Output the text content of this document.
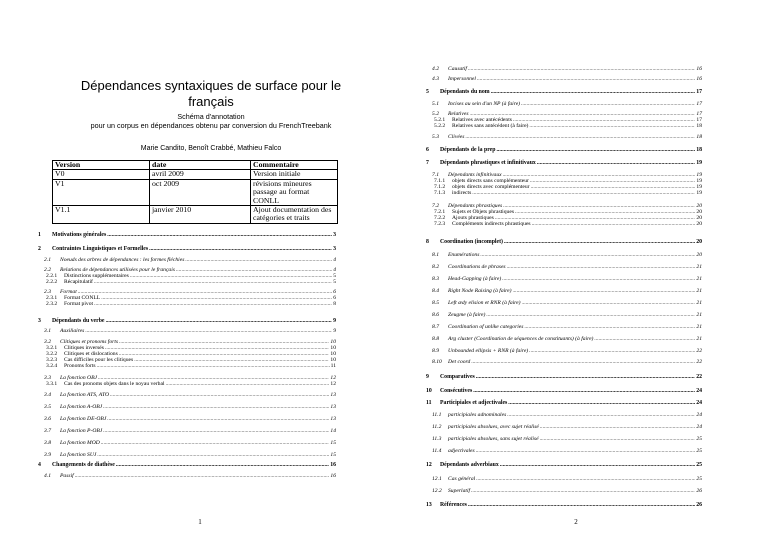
Dépendances syntaxiques de surface pour le français
Schéma d'annotation
pour un corpus en dépendances obtenu par conversion du FrenchTreebank
Marie Candito, Benoît Crabbé, Mathieu Falco
Version	date	Commentaire
V0	avril 2009	Version initiale
V1	oct 2009	révisions mineures
passage au format CONLL
V1.1	janvier 2010	Ajout documentation des catégories et traits
1	Motivations générales .....	3
2	Contraintes Linguistiques et Formelles .....	3
2.1	Noeuds des arbres de dépendances : les formes fléchies .....	4
2.2	Relations de dépendances utilisées pour le français .....	4
2.2.1	Distinctions supplémentaires .....	5
2.2.2	Récapitulatif .....	5
2.3	Format .....	6
2.3.1	Format CONLL .....	6
2.3.2	Format pivot .....	8
3	Dépendants du verbe .....	9
3.1	Auxiliaires .....	9
3.2	Clitiques et pronoms forts .....	10
3.2.1	Clitiques inversés .....	10
3.2.2	Clitiques et dislocations .....	10
3.2.3	Cas difficiles pour les clitiques .....	10
3.2.4	Pronoms forts .....	11
3.3	La fonction OBJ .....	12
3.3.1	Cas des pronoms objets dans le noyau verbal .....	12
3.4	La fonction ATS, ATO .....	13
3.5	La fonction A-OBJ .....	13
3.6	La fonction DE-OBJ .....	13
3.7	La fonction P-OBJ .....	14
3.8	La fonction MOD .....	15
3.9	La fonction SUJ .....	15
4	Changements de diathèse .....	16
4.1	Passif .....	16
1
4.2	Causatif .....	16
4.3	Impersonnel .....	16
5	Dépendants du nom .....	17
5.1	Incises au sein d'un NP (à faire) .....	17
5.2	Relatives .....	17
5.2.1	Relatives avec antécédents .....	17
5.2.2	Relatives sans antécédent (à faire) .....	18
5.3	Clivées .....	18
6	Dépendants de la prep .....	18
7	Dépendants phrastiques et infinitivaux .....	19
7.1	Dépendants infinitivaux .....	19
7.1.1	objets directs sans complémenteur .....	19
7.1.2	objets directs avec complémenteur .....	19
7.1.3	indirects .....	19
7.2	Dépendants phrastiques .....	20
7.2.1	Sujets et Objets phrastiques .....	20
7.2.2	Ajouts phrastiques .....	20
7.2.3	Compléments indirects phrastiques .....	20
8	Coordination (incomplet) .....	20
8.1	Enumérations .....	20
8.2	Coordinations de phrases .....	21
8.3	Head-Gapping (à faire) .....	21
8.4	Right Node Raising (à faire) .....	21
8.5	Left ædy elision et RNR (à faire) .....	21
8.6	Zeugme (à faire) .....	21
8.7	Coordination of unlike categories .....	21
8.8	Arg cluster (Coordination de séquences de constituants) (à faire) .....	21
8.9	Unbounded ellipsis + RNR (à faire) .....	22
8.10	Det coord .....	22
9	Comparatives .....	22
10	Consécutives .....	24
11	Participiales et adjectivales .....	24
11.1	participiales adnominales .....	24
11.2	participiales absolues, avec sujet réalisé .....	24
11.3	participiales absolues, sans sujet réalisé .....	25
11.4	adjectivales .....	25
12	Dépendants adverbiaux .....	25
12.1	Cas général .....	25
12.2	Superlatif .....	26
13	Références .....	26
2
